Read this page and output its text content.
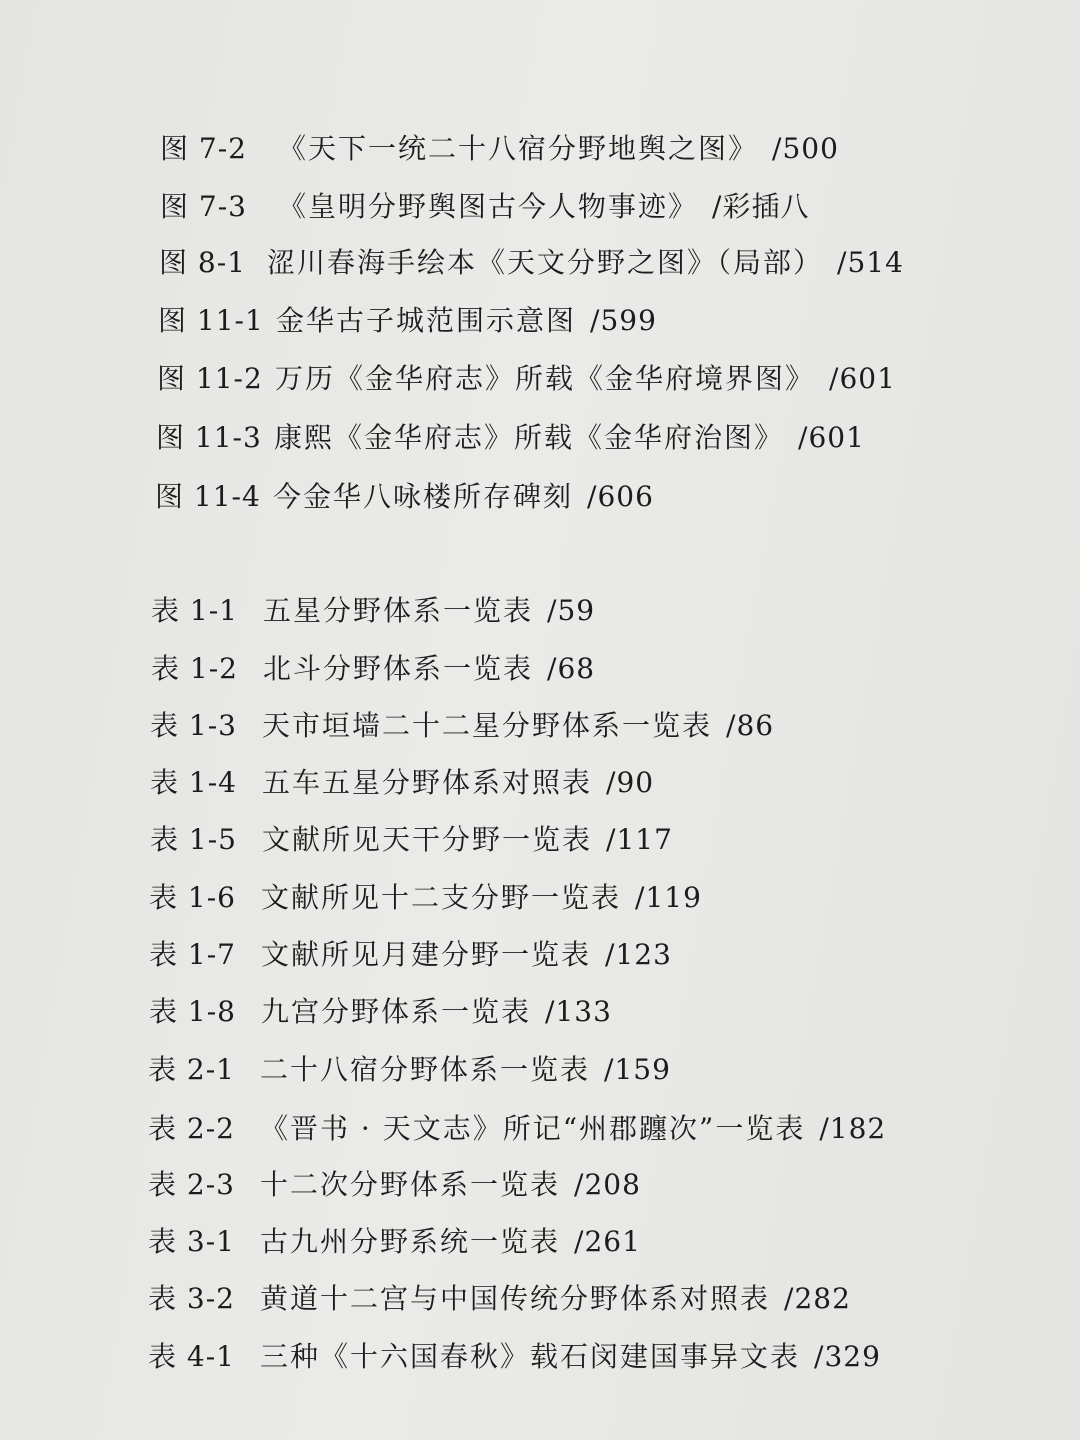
图 7-2 《天下一统二十八宿分野地舆之图》 /500
图 7-3 《皇明分野舆图古今人物事迹》 /彩插八
图 8-1 涩川春海手绘本《天文分野之图》（局部） /514
图 11-1 金华古子城范围示意图 /599
图 11-2 万历《金华府志》所载《金华府境界图》 /601
图 11-3 康熙《金华府志》所载《金华府治图》 /601
图 11-4 今金华八咏楼所存碑刻 /606
表 1-1 五星分野体系一览表 /59
表 1-2 北斗分野体系一览表 /68
表 1-3 天市垣墙二十二星分野体系一览表 /86
表 1-4 五车五星分野体系对照表 /90
表 1-5 文献所见天干分野一览表 /117
表 1-6 文献所见十二支分野一览表 /119
表 1-7 文献所见月建分野一览表 /123
表 1-8 九宫分野体系一览表 /133
表 2-1 二十八宿分野体系一览表 /159
表 2-2 《晋书 · 天文志》所记“州郡躔次”一览表 /182
表 2-3 十二次分野体系一览表 /208
表 3-1 古九州分野系统一览表 /261
表 3-2 黄道十二宫与中国传统分野体系对照表 /282
表 4-1 三种《十六国春秋》载石闵建国事异文表 /329
